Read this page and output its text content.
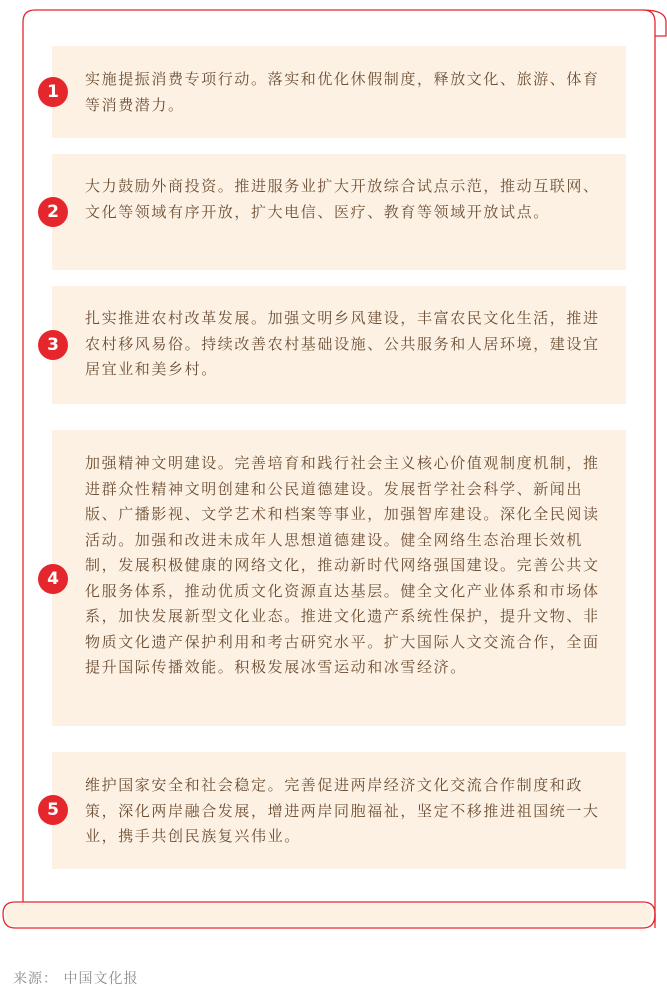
实施提振消费专项行动。落实和优化休假制度，释放文化、旅游、体育等消费潜力。
1
大力鼓励外商投资。推进服务业扩大开放综合试点示范，推动互联网、文化等领域有序开放，扩大电信、医疗、教育等领域开放试点。
2
扎实推进农村改革发展。加强文明乡风建设，丰富农民文化生活，推进农村移风易俗。持续改善农村基础设施、公共服务和人居环境，建设宜居宜业和美乡村。
3
加强精神文明建设。完善培育和践行社会主义核心价值观制度机制，推进群众性精神文明创建和公民道德建设。发展哲学社会科学、新闻出版、广播影视、文学艺术和档案等事业，加强智库建设。深化全民阅读活动。加强和改进未成年人思想道德建设。健全网络生态治理长效机制，发展积极健康的网络文化，推动新时代网络强国建设。完善公共文化服务体系，推动优质文化资源直达基层。健全文化产业体系和市场体系，加快发展新型文化业态。推进文化遗产系统性保护，提升文物、非物质文化遗产保护利用和考古研究水平。扩大国际人文交流合作，全面提升国际传播效能。积极发展冰雪运动和冰雪经济。
4
维护国家安全和社会稳定。完善促进两岸经济文化交流合作制度和政策，深化两岸融合发展，增进两岸同胞福祉，坚定不移推进祖国统一大业，携手共创民族复兴伟业。
5
来源： 中国文化报
